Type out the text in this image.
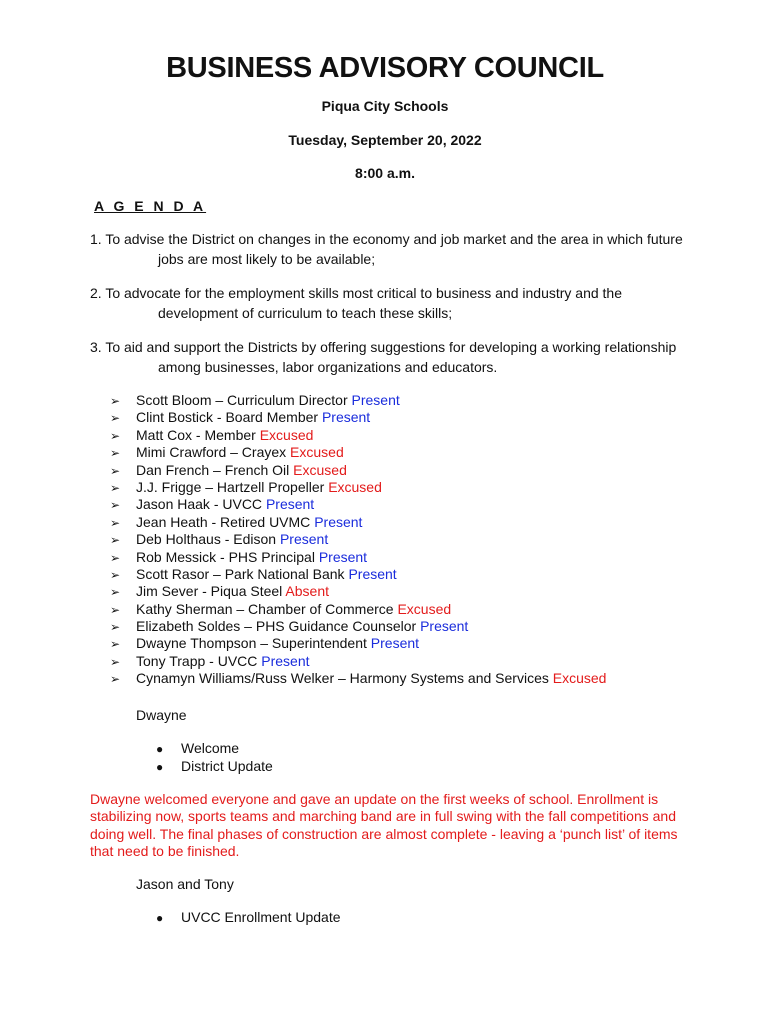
BUSINESS ADVISORY COUNCIL
Piqua City Schools
Tuesday, September 20, 2022
8:00 a.m.
A G E N D A
1. To advise the District on changes in the economy and job market and the area in which future
jobs are most likely to be available;
2. To advocate for the employment skills most critical to business and industry and the
development of curriculum to teach these skills;
3. To aid and support the Districts by offering suggestions for developing a working relationship
among businesses, labor organizations and educators.
➢ Scott Bloom – Curriculum Director Present
➢ Clint Bostick - Board Member Present
➢ Matt Cox - Member Excused
➢ Mimi Crawford – Crayex Excused
➢ Dan French – French Oil Excused
➢ J.J. Frigge – Hartzell Propeller Excused
➢ Jason Haak - UVCC Present
➢ Jean Heath - Retired UVMC Present
➢ Deb Holthaus - Edison Present
➢ Rob Messick - PHS Principal Present
➢ Scott Rasor – Park National Bank Present
➢ Jim Sever - Piqua Steel Absent
➢ Kathy Sherman – Chamber of Commerce Excused
➢ Elizabeth Soldes – PHS Guidance Counselor Present
➢ Dwayne Thompson – Superintendent Present
➢ Tony Trapp - UVCC Present
➢ Cynamyn Williams/Russ Welker – Harmony Systems and Services Excused
Dwayne
● Welcome
● District Update
Dwayne welcomed everyone and gave an update on the first weeks of school. Enrollment is stabilizing now, sports teams and marching band are in full swing with the fall competitions and doing well. The final phases of construction are almost complete - leaving a ‘punch list’ of items that need to be finished.
Jason and Tony
● UVCC Enrollment Update
